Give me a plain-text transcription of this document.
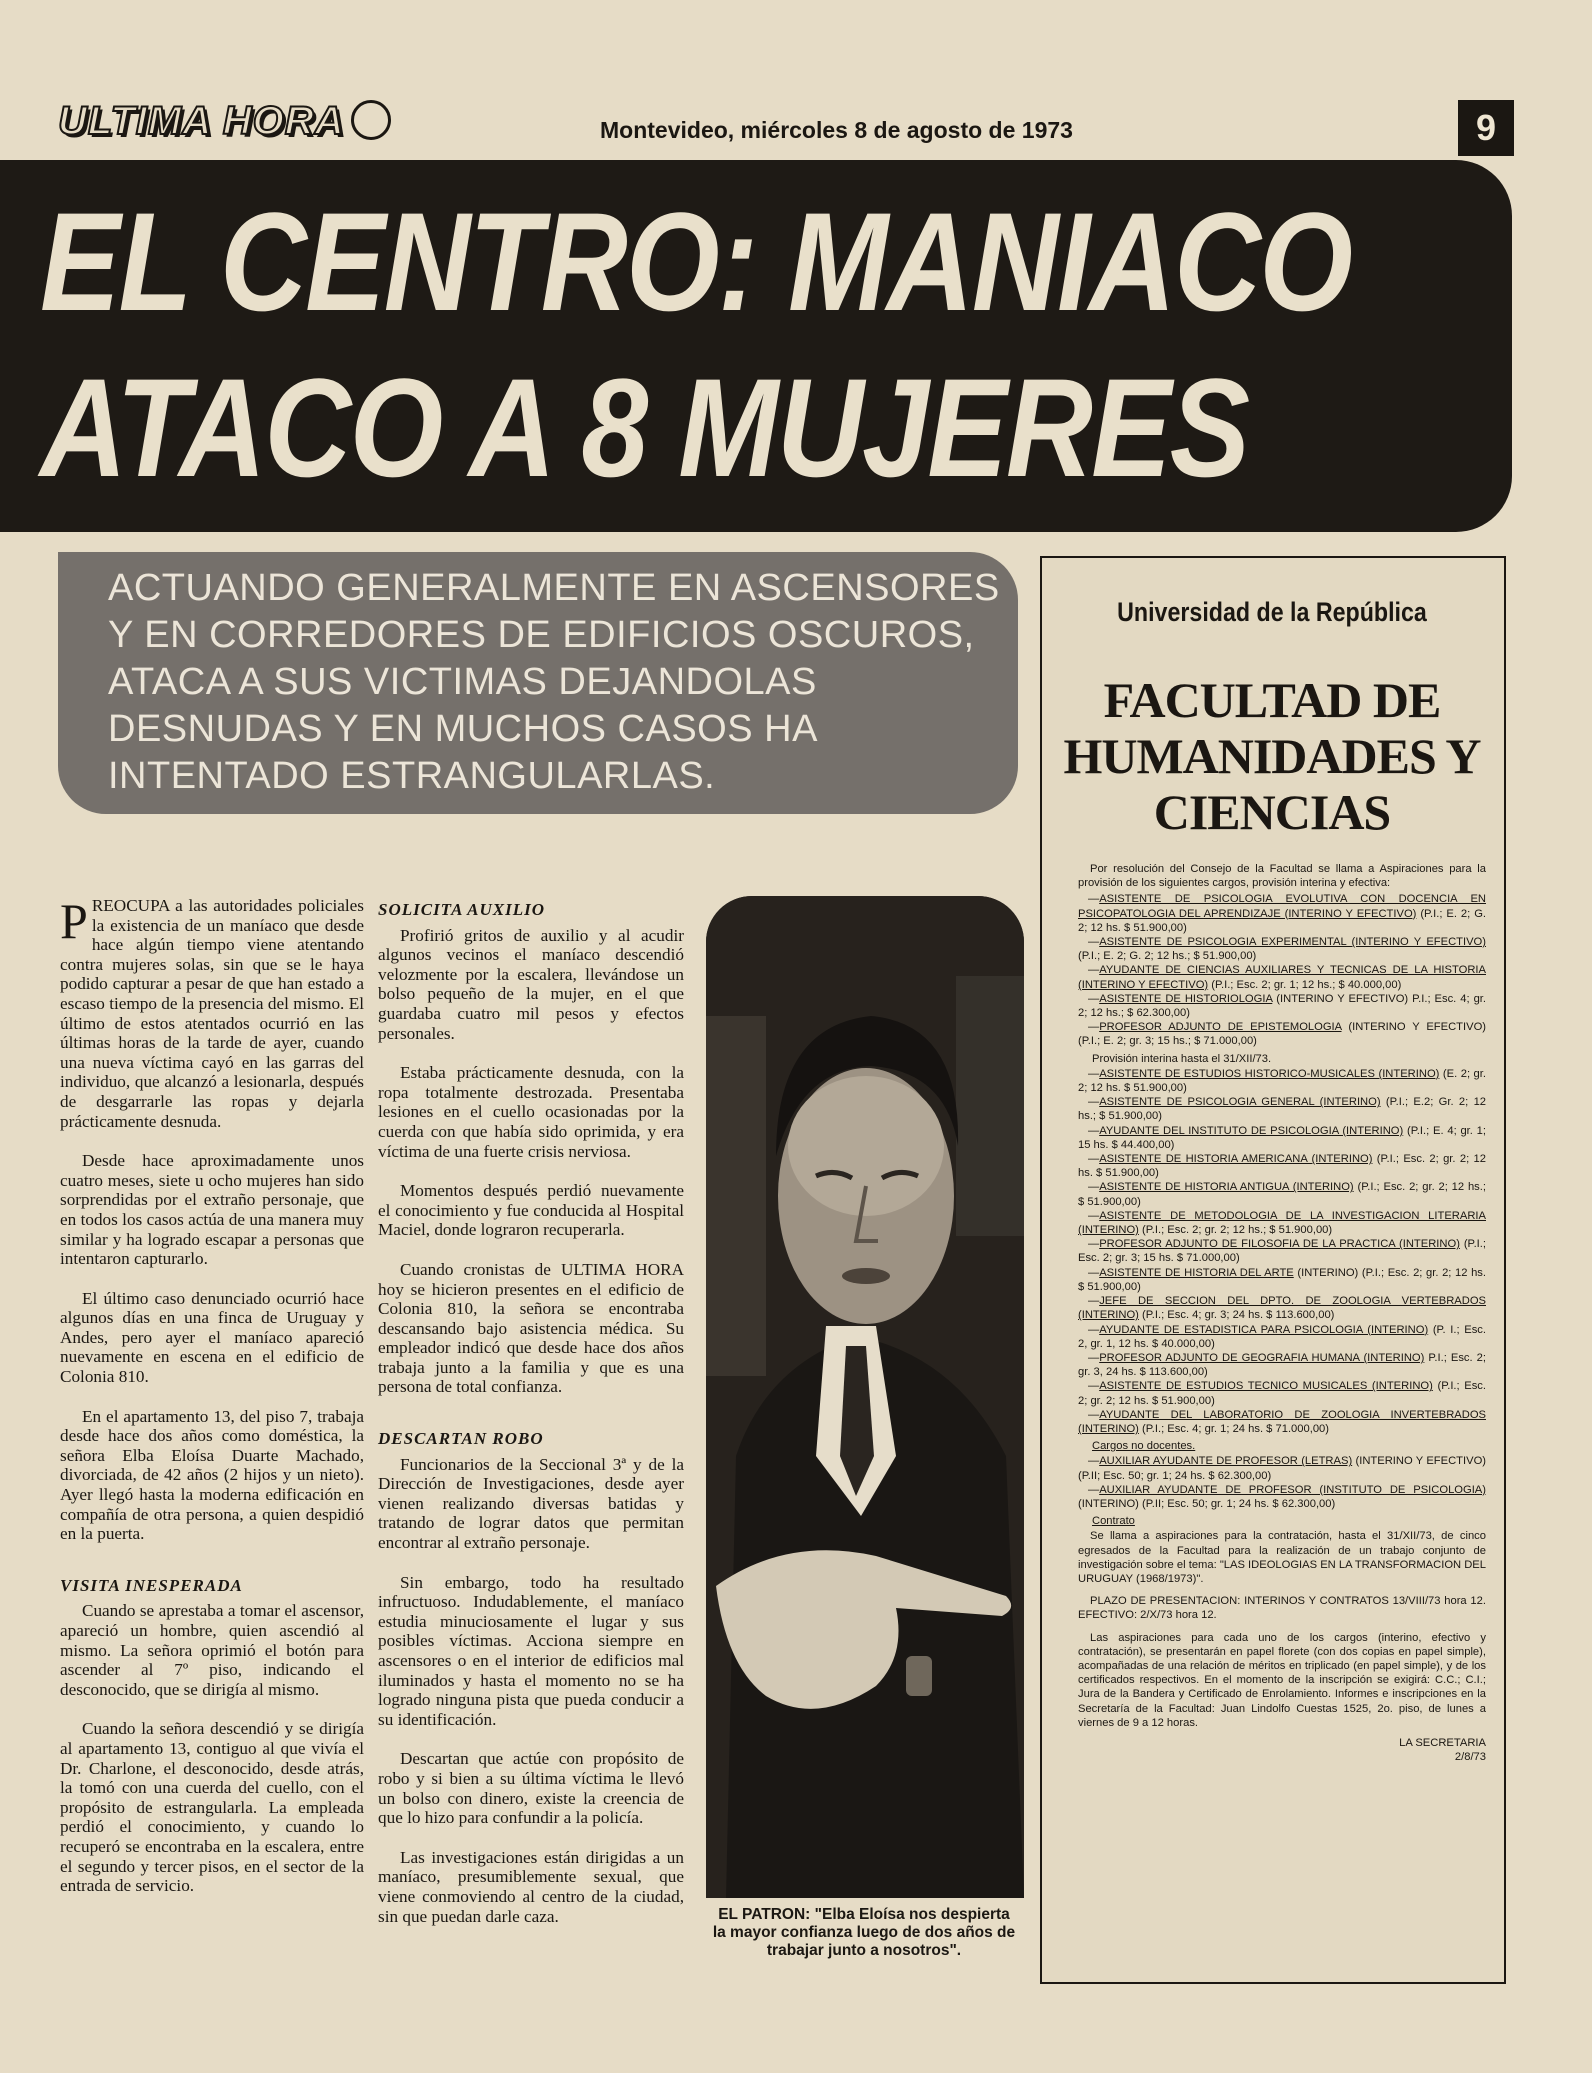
ULTIMA HORA	Montevideo, miércoles 8 de agosto de 1973	9
EL CENTRO: MANIACO
ATACO A 8 MUJERES
ACTUANDO GENERALMENTE EN ASCENSORES Y EN CORREDORES DE EDIFICIOS OSCUROS, ATACA A SUS VICTIMAS DEJANDOLAS DESNUDAS Y EN MUCHOS CASOS HA INTENTADO ESTRANGULARLAS.
P REOCUPA a las autoridades policiales la existencia de un maníaco que desde hace algún tiempo viene atentando contra mujeres solas, sin que se le haya podido capturar a pesar de que han estado a escaso tiempo de la presencia del mismo. El último de estos atentados ocurrió en las últimas horas de la tarde de ayer, cuando una nueva víctima cayó en las garras del individuo, que alcanzó a lesionarla, después de desgarrarle las ropas y dejarla prácticamente desnuda.

Desde hace aproximadamente unos cuatro meses, siete u ocho mujeres han sido sorprendidas por el extraño personaje, que en todos los casos actúa de una manera muy similar y ha logrado escapar a personas que intentaron capturarlo.

El último caso denunciado ocurrió hace algunos días en una finca de Uruguay y Andes, pero ayer el maníaco apareció nuevamente en escena en el edificio de Colonia 810.

En el apartamento 13, del piso 7, trabaja desde hace dos años como doméstica, la señora Elba Eloísa Duarte Machado, divorciada, de 42 años (2 hijos y un nieto). Ayer llegó hasta la moderna edificación en compañía de otra persona, a quien despidió en la puerta.

VISITA INESPERADA

Cuando se aprestaba a tomar el ascensor, apareció un hombre, quien ascendió al mismo. La señora oprimió el botón para ascender al 7º piso, indicando el desconocido, que se dirigía al mismo.

Cuando la señora descendió y se dirigía al apartamento 13, contiguo al que vivía el Dr. Charlone, el desconocido, desde atrás, la tomó con una cuerda del cuello, con el propósito de estrangularla. La empleada perdió el conocimiento, y cuando lo recuperó se encontraba en la escalera, entre el segundo y tercer pisos, en el sector de la entrada de servicio.

SOLICITA AUXILIO

Profirió gritos de auxilio y al acudir algunos vecinos el maníaco descendió velozmente por la escalera, llevándose un bolso pequeño de la mujer, en el que guardaba cuatro mil pesos y efectos personales.

Estaba prácticamente desnuda, con la ropa totalmente destrozada. Presentaba lesiones en el cuello ocasionadas por la cuerda con que había sido oprimida, y era víctima de una fuerte crisis nerviosa.

Momentos después perdió nuevamente el conocimiento y fue conducida al Hospital Maciel, donde lograron recuperarla.

Cuando cronistas de ULTIMA HORA hoy se hicieron presentes en el edificio de Colonia 810, la señora se encontraba descansando bajo asistencia médica. Su empleador indicó que desde hace dos años trabaja junto a la familia y que es una persona de total confianza.

DESCARTAN ROBO

Funcionarios de la Seccional 3ª y de la Dirección de Investigaciones, desde ayer vienen realizando diversas batidas y tratando de lograr datos que permitan encontrar al extraño personaje.

Sin embargo, todo ha resultado infructuoso. Indudablemente, el maníaco estudia minuciosamente el lugar y sus posibles víctimas. Acciona siempre en ascensores o en el interior de edificios mal iluminados y hasta el momento no se ha logrado ninguna pista que pueda conducir a su identificación.

Descartan que actúe con propósito de robo y si bien a su última víctima le llevó un bolso con dinero, existe la creencia de que lo hizo para confundir a la policía.

Las investigaciones están dirigidas a un maníaco, presumiblemente sexual, que viene conmoviendo al centro de la ciudad, sin que puedan darle caza.	EL PATRON: "Elba Eloísa nos despierta la mayor confianza luego de dos años de trabajar junto a nosotros".
Universidad de la República
FACULTAD DE HUMANIDADES Y CIENCIAS

Por resolución del Consejo de la Facultad se llama a Aspiraciones para la provisión de los siguientes cargos, provisión interina y efectiva:

—ASISTENTE DE PSICOLOGIA EVOLUTIVA CON DOCENCIA EN PSICOPATOLOGIA DEL APRENDIZAJE (INTERINO Y EFECTIVO) (P.I.; E. 2; G. 2; 12 hs. $ 51.900,00)

—ASISTENTE DE PSICOLOGIA EXPERIMENTAL (INTERINO Y EFECTIVO) (P.I.; E. 2; G. 2; 12 hs.; $ 51.900,00)

—AYUDANTE DE CIENCIAS AUXILIARES Y TECNICAS DE LA HISTORIA (INTERINO Y EFECTIVO) (P.I.; Esc. 2; gr. 1; 12 hs.; $ 40.000,00)

—ASISTENTE DE HISTORIOLOGIA (INTERINO Y EFECTIVO) P.I.; Esc. 4; gr. 2; 12 hs.; $ 62.300,00)

—PROFESOR ADJUNTO DE EPISTEMOLOGIA (INTERINO Y EFECTIVO) (P.I.; E. 2; gr. 3; 15 hs.; $ 71.000,00)

Provisión interina hasta el 31/XII/73.

—ASISTENTE DE ESTUDIOS HISTORICO-MUSICALES (INTERINO) (E. 2; gr. 2; 12 hs. $ 51.900,00)

—ASISTENTE DE PSICOLOGIA GENERAL (INTERINO) (P.I.; E.2; Gr. 2; 12 hs.; $ 51.900,00)

—AYUDANTE DEL INSTITUTO DE PSICOLOGIA (INTERINO) (P.I.; E. 4; gr. 1; 15 hs. $ 44.400,00)

—ASISTENTE DE HISTORIA AMERICANA (INTERINO) (P.I.; Esc. 2; gr. 2; 12 hs. $ 51.900,00)

—ASISTENTE DE HISTORIA ANTIGUA (INTERINO) (P.I.; Esc. 2; gr. 2; 12 hs.; $ 51.900,00)

—ASISTENTE DE METODOLOGIA DE LA INVESTIGACION LITERARIA (INTERINO) (P.I.; Esc. 2; gr. 2; 12 hs.; $ 51.900,00)

—PROFESOR ADJUNTO DE FILOSOFIA DE LA PRACTICA (INTERINO) (P.I.; Esc. 2; gr. 3; 15 hs. $ 71.000,00)

—ASISTENTE DE HISTORIA DEL ARTE (INTERINO) (P.I.; Esc. 2; gr. 2; 12 hs. $ 51.900,00)

—JEFE DE SECCION DEL DPTO. DE ZOOLOGIA VERTEBRADOS (INTERINO) (P.I.; Esc. 4; gr. 3; 24 hs. $ 113.600,00)

—AYUDANTE DE ESTADISTICA PARA PSICOLOGIA (INTERINO) (P. I.; Esc. 2, gr. 1, 12 hs. $ 40.000,00)

—PROFESOR ADJUNTO DE GEOGRAFIA HUMANA (INTERINO) P.I.; Esc. 2; gr. 3, 24 hs. $ 113.600,00)

—ASISTENTE DE ESTUDIOS TECNICO MUSICALES (INTERINO) (P.I.; Esc. 2; gr. 2; 12 hs. $ 51.900,00)

—AYUDANTE DEL LABORATORIO DE ZOOLOGIA INVERTEBRADOS (INTERINO) (P.I.; Esc. 4; gr. 1; 24 hs. $ 71.000,00)

Cargos no docentes.

—AUXILIAR AYUDANTE DE PROFESOR (LETRAS) (INTERINO Y EFECTIVO) (P.II; Esc. 50; gr. 1; 24 hs. $ 62.300,00)

—AUXILIAR AYUDANTE DE PROFESOR (INSTITUTO DE PSICOLOGIA) (INTERINO) (P.II; Esc. 50; gr. 1; 24 hs. $ 62.300,00)

Contrato

Se llama a aspiraciones para la contratación, hasta el 31/XII/73, de cinco egresados de la Facultad para la realización de un trabajo conjunto de investigación sobre el tema: "LAS IDEOLOGIAS EN LA TRANSFORMACION DEL URUGUAY (1968/1973)".

PLAZO DE PRESENTACION: INTERINOS Y CONTRATOS 13/VIII/73 hora 12. EFECTIVO: 2/X/73 hora 12.

Las aspiraciones para cada uno de los cargos (interino, efectivo y contratación), se presentarán en papel florete (con dos copias en papel simple), acompañadas de una relación de méritos en triplicado (en papel simple), y de los certificados respectivos. En el momento de la inscripción se exigirá: C.C.; C.I.; Jura de la Bandera y Certificado de Enrolamiento. Informes e inscripciones en la Secretaría de la Facultad: Juan Lindolfo Cuestas 1525, 2o. piso, de lunes a viernes de 9 a 12 horas.

LA SECRETARIA

2/8/73
